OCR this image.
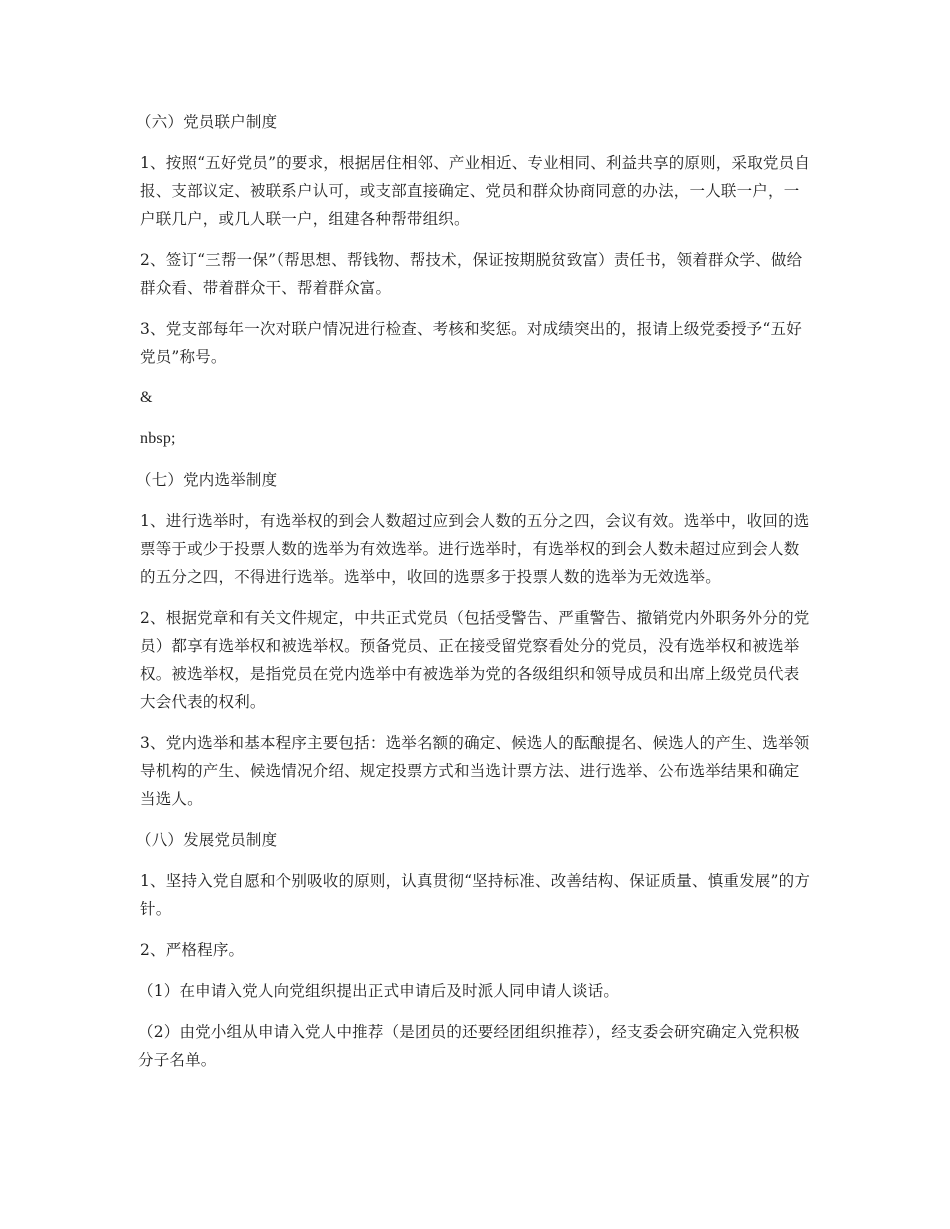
（六）党员联户制度

1、按照“五好党员”的要求，根据居住相邻、产业相近、专业相同、利益共享的原则，采取党员自报、支部议定、被联系户认可，或支部直接确定、党员和群众协商同意的办法，一人联一户，一户联几户，或几人联一户，组建各种帮带组织。

2、签订“三帮一保”（帮思想、帮钱物、帮技术，保证按期脱贫致富）责任书，领着群众学、做给群众看、带着群众干、帮着群众富。

3、党支部每年一次对联户情况进行检查、考核和奖惩。对成绩突出的，报请上级党委授予“五好党员”称号。

&

nbsp;

（七）党内选举制度

1、进行选举时，有选举权的到会人数超过应到会人数的五分之四，会议有效。选举中，收回的选票等于或少于投票人数的选举为有效选举。进行选举时，有选举权的到会人数未超过应到会人数的五分之四，不得进行选举。选举中，收回的选票多于投票人数的选举为无效选举。

2、根据党章和有关文件规定，中共正式党员（包括受警告、严重警告、撤销党内外职务外分的党员）都享有选举权和被选举权。预备党员、正在接受留党察看处分的党员，没有选举权和被选举权。被选举权，是指党员在党内选举中有被选举为党的各级组织和领导成员和出席上级党员代表大会代表的权利。

3、党内选举和基本程序主要包括：选举名额的确定、候选人的酝酿提名、候选人的产生、选举领导机构的产生、候选情况介绍、规定投票方式和当选计票方法、进行选举、公布选举结果和确定当选人。

（八）发展党员制度

1、坚持入党自愿和个别吸收的原则，认真贯彻“坚持标准、改善结构、保证质量、慎重发展”的方针。

2、严格程序。

（1）在申请入党人向党组织提出正式申请后及时派人同申请人谈话。

（2）由党小组从申请入党人中推荐（是团员的还要经团组织推荐），经支委会研究确定入党积极分子名单。
